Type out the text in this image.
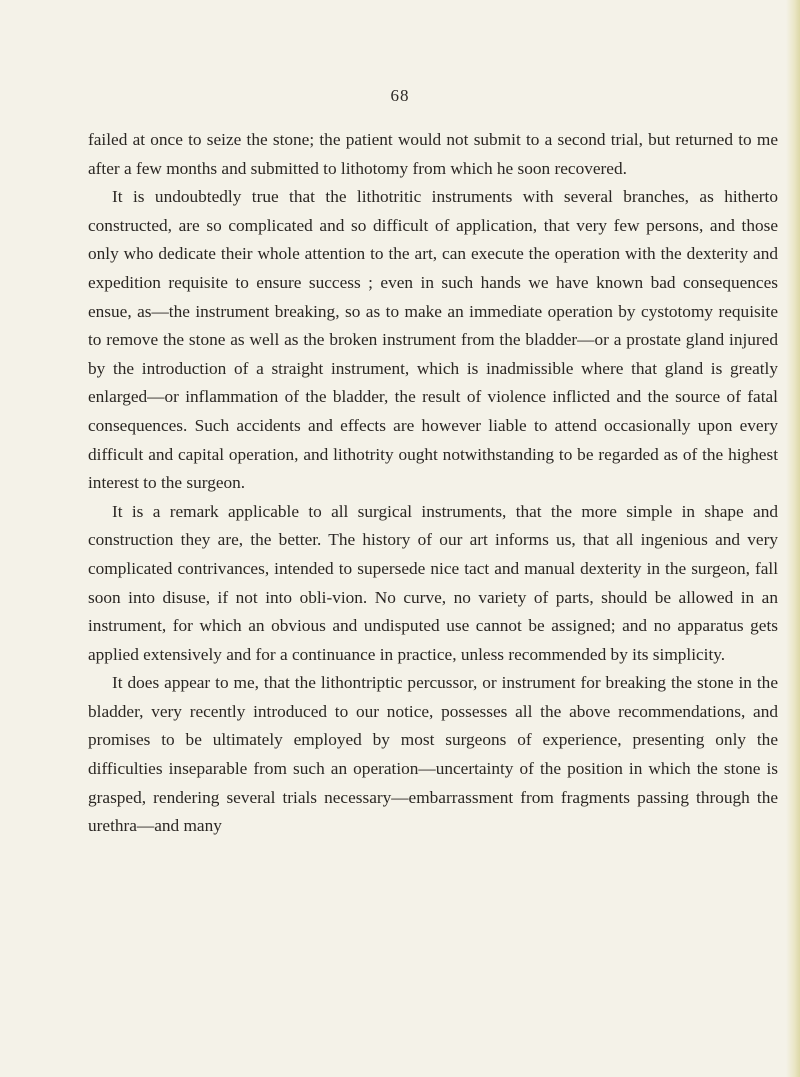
68

failed at once to seize the stone; the patient would not submit to a second trial, but returned to me after a few months and submitted to lithotomy from which he soon recovered.

It is undoubtedly true that the lithotritic instruments with several branches, as hitherto constructed, are so complicated and so difficult of application, that very few persons, and those only who dedicate their whole attention to the art, can execute the operation with the dexterity and expedition requisite to ensure success ; even in such hands we have known bad consequences ensue, as—the instrument breaking, so as to make an immediate operation by cystotomy requisite to remove the stone as well as the broken instrument from the bladder—or a prostate gland injured by the introduction of a straight instrument, which is inadmissible where that gland is greatly enlarged—or inflammation of the bladder, the result of violence inflicted and the source of fatal consequences. Such accidents and effects are however liable to attend occasionally upon every difficult and capital operation, and lithotrity ought notwithstanding to be regarded as of the highest interest to the surgeon.

It is a remark applicable to all surgical instruments, that the more simple in shape and construction they are, the better. The history of our art informs us, that all ingenious and very complicated contrivances, intended to supersede nice tact and manual dexterity in the surgeon, fall soon into disuse, if not into obli-vion. No curve, no variety of parts, should be allowed in an instrument, for which an obvious and undisputed use cannot be assigned; and no apparatus gets applied extensively and for a continuance in practice, unless recommended by its simplicity.

It does appear to me, that the lithontriptic percussor, or instrument for breaking the stone in the bladder, very recently introduced to our notice, possesses all the above recommendations, and promises to be ultimately employed by most surgeons of experience, presenting only the difficulties inseparable from such an operation—uncertainty of the position in which the stone is grasped, rendering several trials necessary—embarrassment from fragments passing through the urethra—and many
